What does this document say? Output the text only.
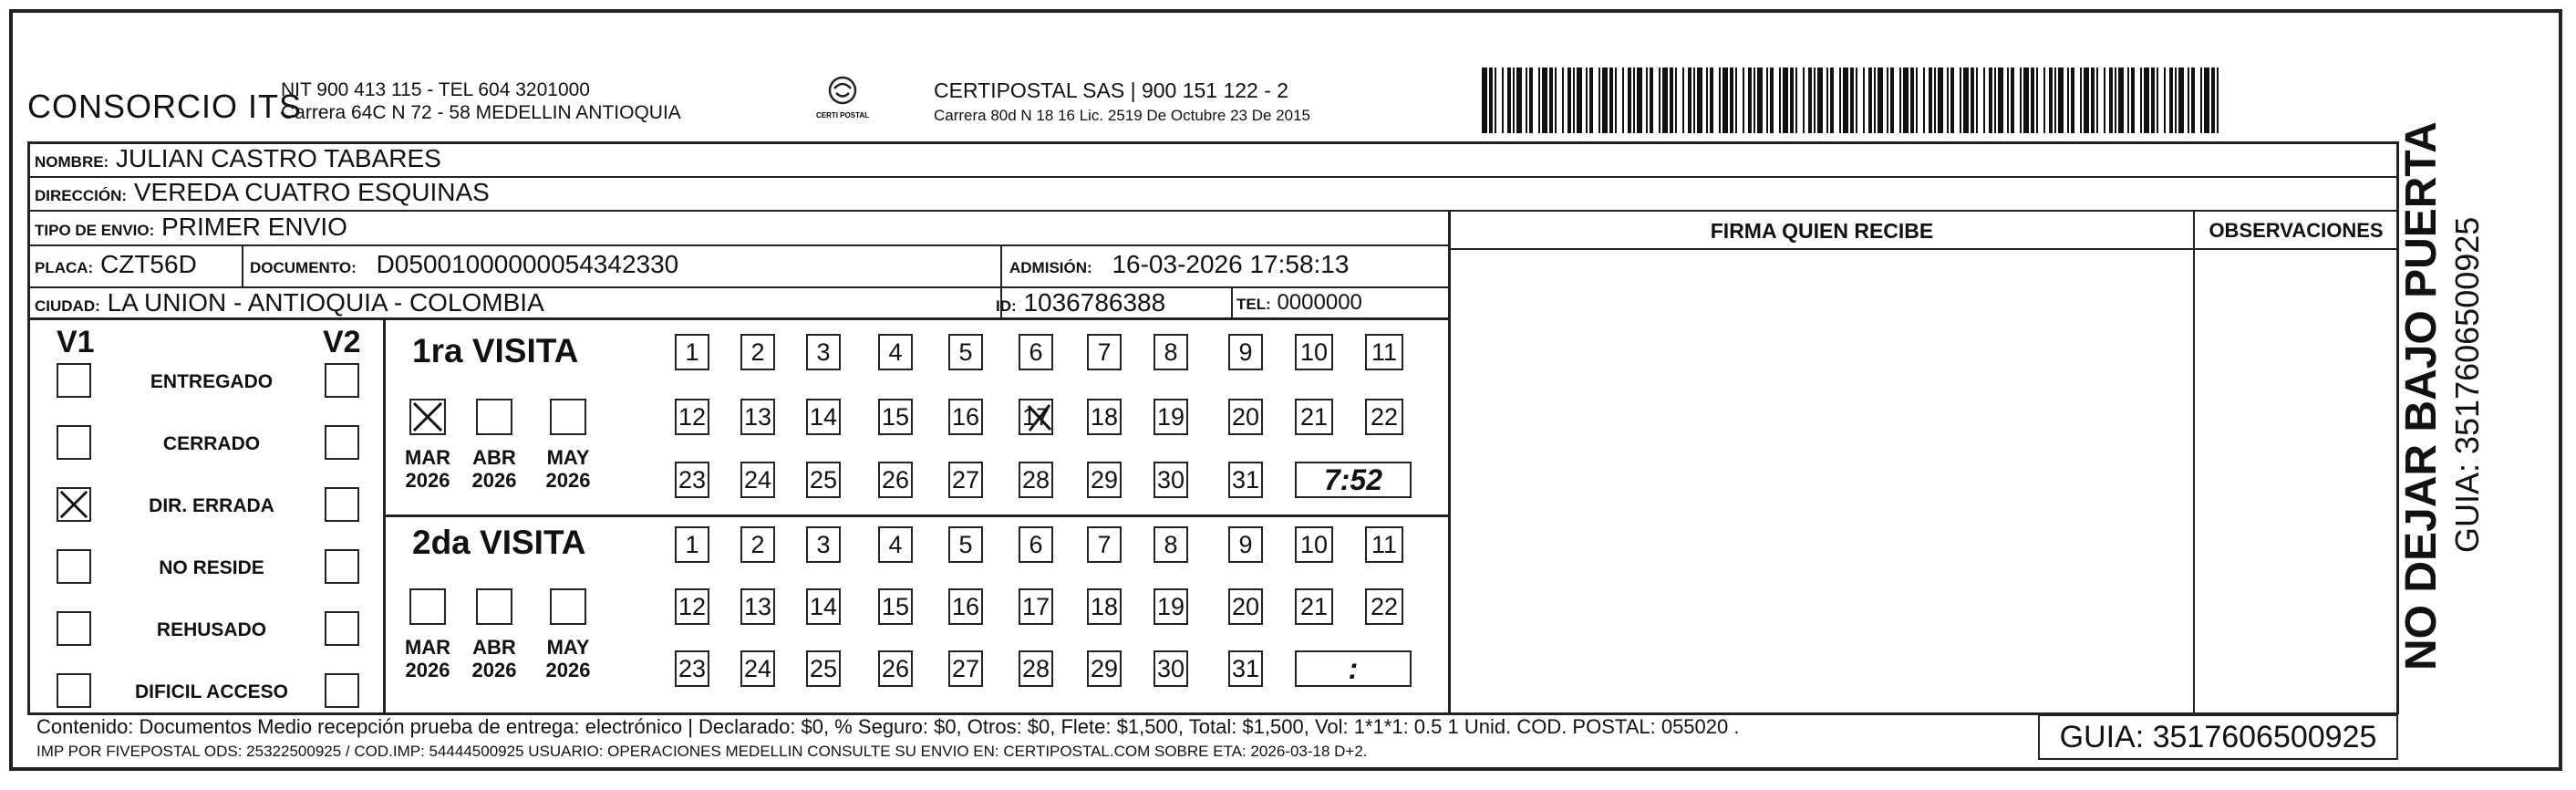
CONSORCIO ITS
NIT 900 413 115 - TEL 604 3201000
Carrera 64C N 72 - 58 MEDELLIN ANTIOQUIA	CERTI POSTAL
CERTIPOSTAL SAS | 900 151 122 - 2
Carrera 80d N 18 16 Lic. 2519 De Octubre 23 De 2015
NOMBRE: JULIAN CASTRO TABARES
DIRECCIÓN: VEREDA CUATRO ESQUINAS
TIPO DE ENVIO: PRIMER ENVIO
PLACA: CZT56D	DOCUMENTO: D05001000000054342330	ADMISIÓN: 16-03-2026 17:58:13
CIUDAD: LA UNION - ANTIOQUIA - COLOMBIA	ID: 1036786388	TEL: 0000000
V1	V2
ENTREGADO
CERRADO
DIR. ERRADA
NO RESIDE
REHUSADO
DIFICIL ACCESO
1ra VISITA
MAR
2026
ABR
2026
MAY
2026
1	2	3	4	5	6	7	8	9	10 11
12 13 14 15 16 17 18 19 20 21 22
23 24 25 26 27 28 29 30 31	7:52
2da VISITA
MAR
2026
ABR
2026
MAY
2026
1	2	3	4	5	6	7	8	9	10 11
12 13 14 15 16 17 18 19 20 21 22
23 24 25 26 27 28 29 30 31	:
FIRMA QUIEN RECIBE	OBSERVACIONES NO DEJAR BAJO PUERTA GUIA: 3517606500925
Contenido: Documentos Medio recepción prueba de entrega: electrónico | Declarado: $0, % Seguro: $0, Otros: $0, Flete: $1,500, Total: $1,500, Vol: 1*1*1: 0.5 1 Unid. COD. POSTAL: 055020 .
IMP POR FIVEPOSTAL ODS: 25322500925 / COD.IMP: 54444500925 USUARIO: OPERACIONES MEDELLIN CONSULTE SU ENVIO EN: CERTIPOSTAL.COM SOBRE ETA: 2026-03-18 D+2.	GUIA: 3517606500925
